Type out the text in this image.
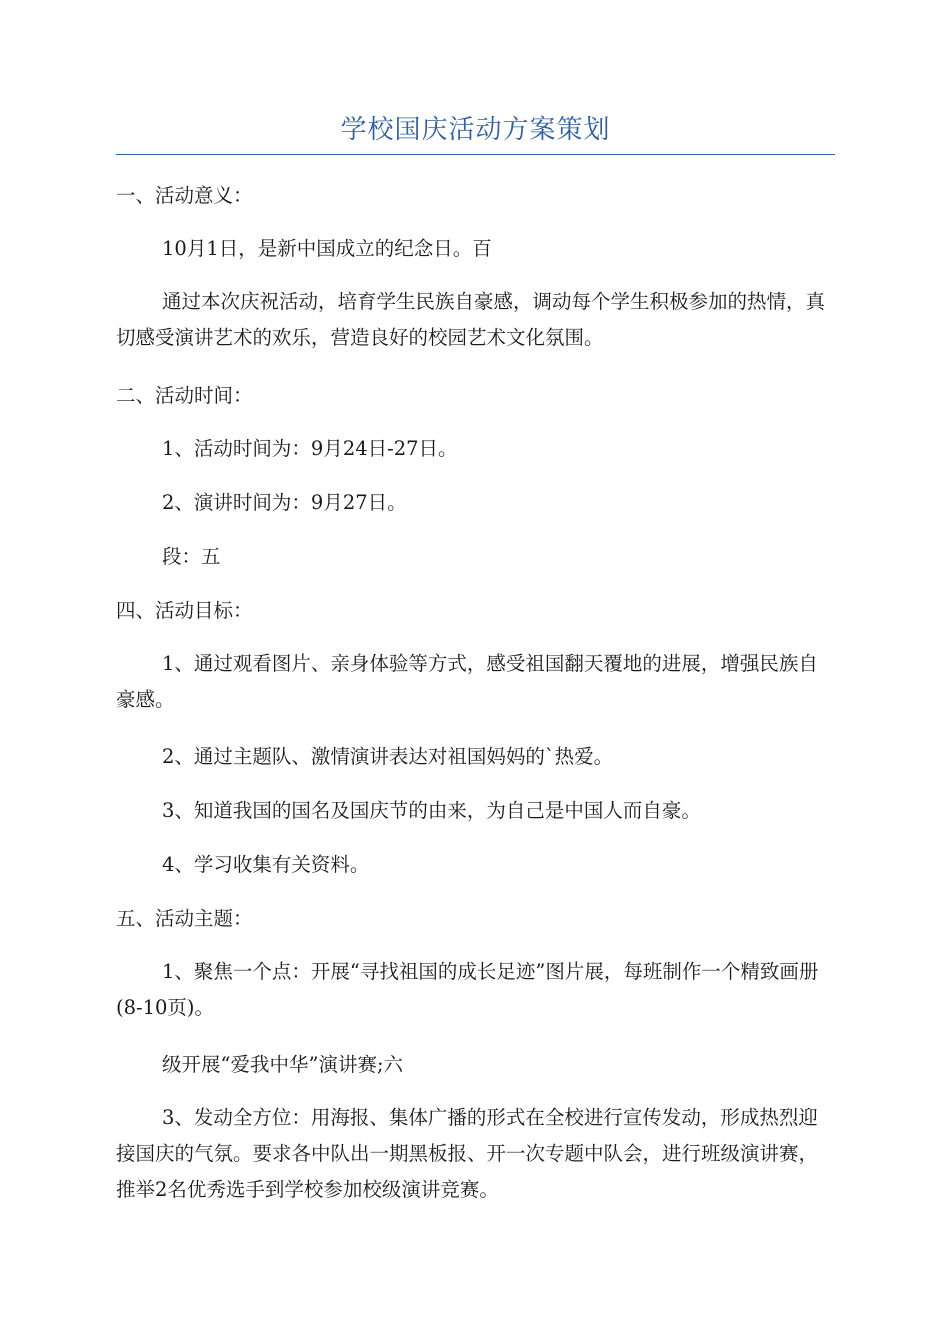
学校国庆活动方案策划
一、活动意义：
10月1日，是新中国成立的纪念日。百
通过本次庆祝活动，培育学生民族自豪感，调动每个学生积极参加的热情，真切感受演讲艺术的欢乐，营造良好的校园艺术文化氛围。
二、活动时间：
1、活动时间为：9月24日-27日。
2、演讲时间为：9月27日。
段：五
四、活动目标：
1、通过观看图片、亲身体验等方式，感受祖国翻天覆地的进展，增强民族自豪感。
2、通过主题队、激情演讲表达对祖国妈妈的`热爱。
3、知道我国的国名及国庆节的由来，为自己是中国人而自豪。
4、学习收集有关资料。
五、活动主题：
1、聚焦一个点：开展“寻找祖国的成长足迹”图片展，每班制作一个精致画册(8-10页)。
级开展“爱我中华”演讲赛;六
3、发动全方位：用海报、集体广播的形式在全校进行宣传发动，形成热烈迎接国庆的气氛。要求各中队出一期黑板报、开一次专题中队会，进行班级演讲赛，推举2名优秀选手到学校参加校级演讲竞赛。
